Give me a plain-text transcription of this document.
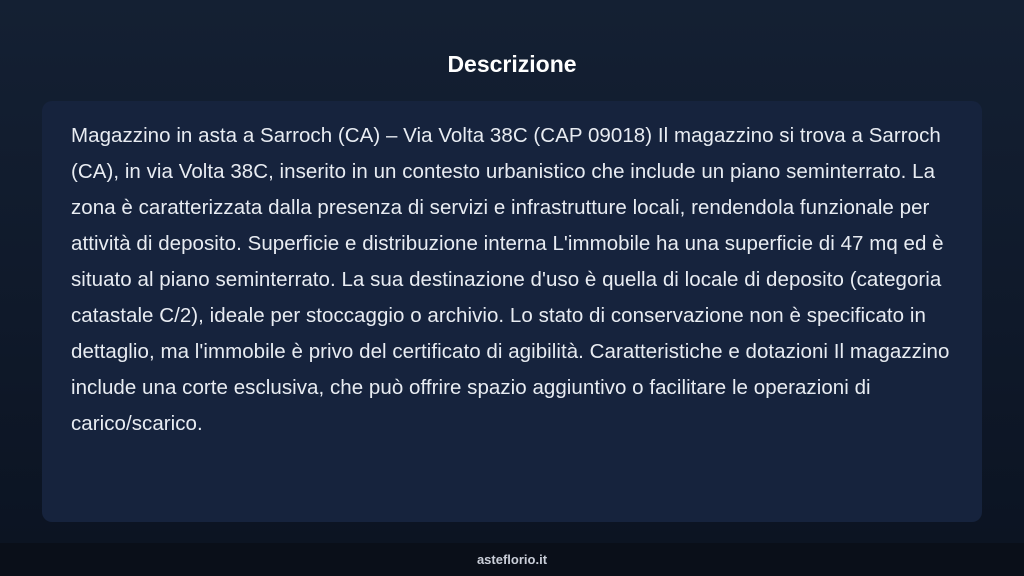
Descrizione

Magazzino in asta a Sarroch (CA) – Via Volta 38C (CAP 09018) Il magazzino si trova a Sarroch (CA), in via Volta 38C, inserito in un contesto urbanistico che include un piano seminterrato. La zona è caratterizzata dalla presenza di servizi e infrastrutture locali, rendendola funzionale per attività di deposito. Superficie e distribuzione interna L'immobile ha una superficie di 47 mq ed è situato al piano seminterrato. La sua destinazione d'uso è quella di locale di deposito (categoria catastale C/2), ideale per stoccaggio o archivio. Lo stato di conservazione non è specificato in dettaglio, ma l'immobile è privo del certificato di agibilità. Caratteristiche e dotazioni Il magazzino include una corte esclusiva, che può offrire spazio aggiuntivo o facilitare le operazioni di carico/scarico.

asteflorio.it
